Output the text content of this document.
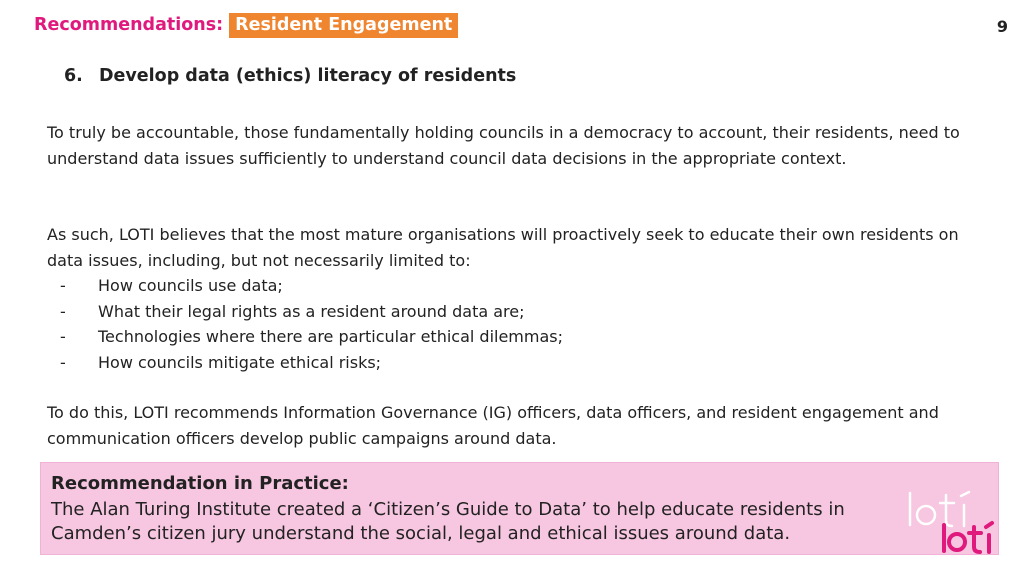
Recommendations: Resident Engagement	9
6. Develop data (ethics) literacy of residents
To truly be accountable, those fundamentally holding councils in a democracy to account, their residents, need to understand data issues sufficiently to understand council data decisions in the appropriate context.
As such, LOTI believes that the most mature organisations will proactively seek to educate their own residents on data issues, including, but not necessarily limited to:
-	How councils use data;
-	What their legal rights as a resident around data are;
-	Technologies where there are particular ethical dilemmas;
-	How councils mitigate ethical risks;
To do this, LOTI recommends Information Governance (IG) officers, data officers, and resident engagement and communication officers develop public campaigns around data.
Recommendation in Practice:
The Alan Turing Institute created a ‘Citizen’s Guide to Data’ to help educate residents in Camden’s citizen jury understand the social, legal and ethical issues around data.
